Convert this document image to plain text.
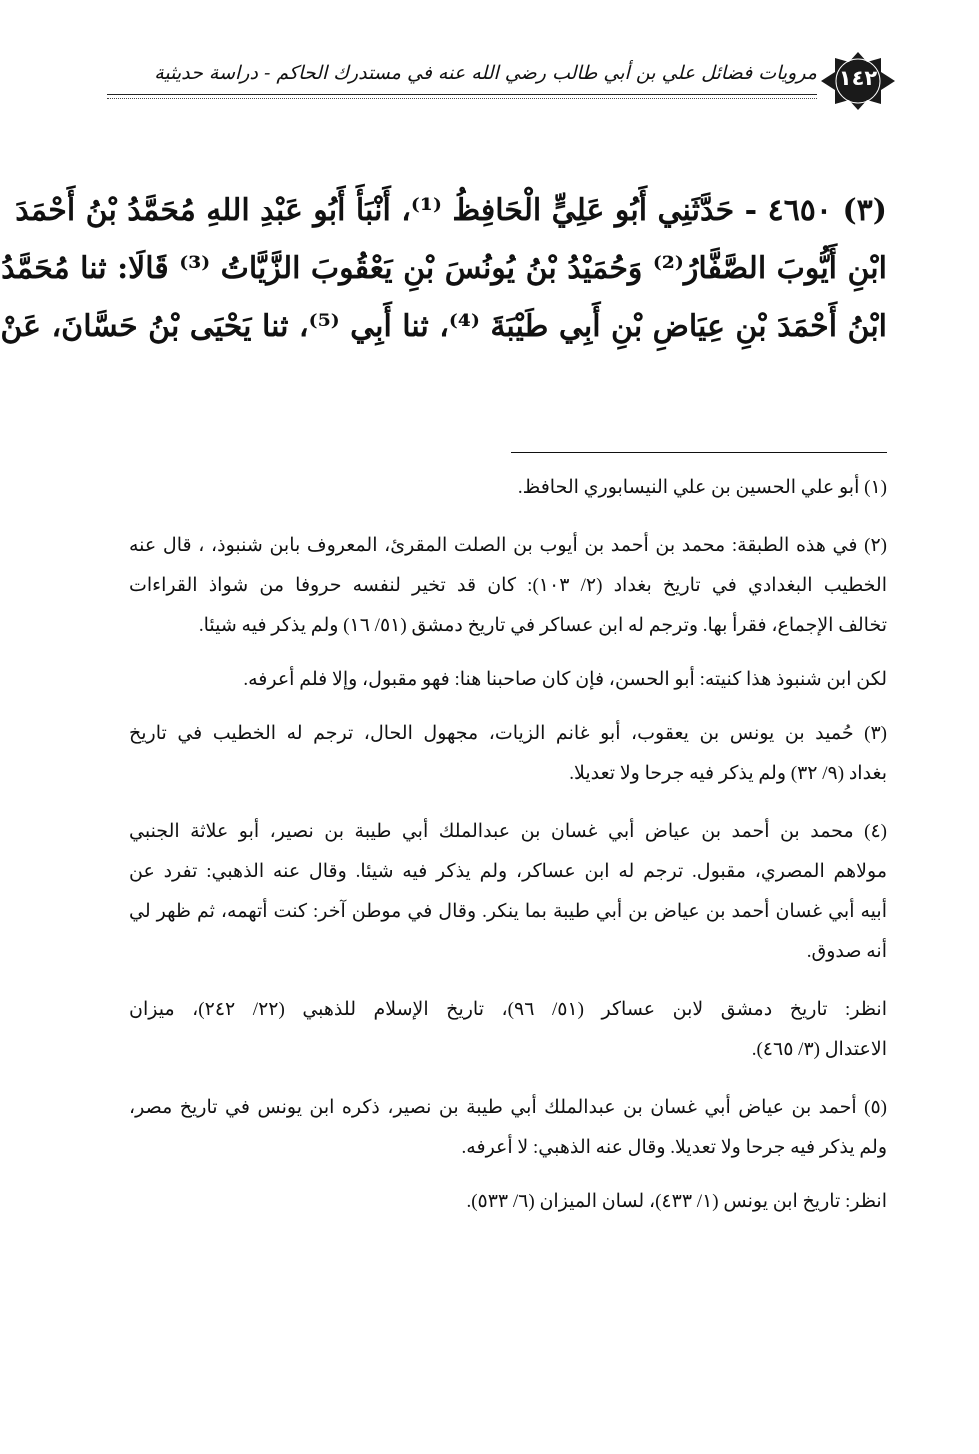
مرويات فضائل علي بن أبي طالب رضي الله عنه في مستدرك الحاكم - دراسة حديثية	١٤٢
(٣) ٤٦٥٠ - حَدَّثَنِي أَبُو عَلِيٍّ الْحَافِظُ ⁽¹⁾، أَنْبَأَ أَبُو عَبْدِ اللهِ مُحَمَّدُ بْنُ أَحْمَدَ
ابْنِ أَيُّوبَ الصَّفَّارُ⁽²⁾ وَحُمَيْدُ بْنُ يُونُسَ بْنِ يَعْقُوبَ الزَّيَّاتُ ⁽³⁾ قَالَا: ثنا مُحَمَّدُ
ابْنُ أَحْمَدَ بْنِ عِيَاضِ بْنِ أَبِي طَيْبَةَ ⁽⁴⁾، ثنا أَبِي ⁽⁵⁾، ثنا يَحْيَى بْنُ حَسَّانَ، عَنْ
(١) أبو علي الحسين بن علي النيسابوري الحافظ.
(٢) في هذه الطبقة: محمد بن أحمد بن أيوب بن الصلت المقرئ، المعروف بابن شنبوذ، ، قال عنه
الخطيب البغدادي في تاريخ بغداد (٢/ ١٠٣): كان قد تخير لنفسه حروفا من شواذ القراءات
تخالف الإجماع، فقرأ بها. وترجم له ابن عساكر في تاريخ دمشق (٥١/ ١٦) ولم يذكر فيه شيئا.
لكن ابن شنبوذ هذا كنيته: أبو الحسن، فإن كان صاحبنا هنا: فهو مقبول، وإلا فلم أعرفه.
(٣) حُميد بن يونس بن يعقوب، أبو غانم الزيات، مجهول الحال، ترجم له الخطيب في تاريخ
بغداد (٩/ ٣٢) ولم يذكر فيه جرحا ولا تعديلا.
(٤) محمد بن أحمد بن عياض أبي غسان بن عبدالملك أبي طيبة بن نصير، أبو علاثة الجنبي
مولاهم المصري، مقبول. ترجم له ابن عساكر، ولم يذكر فيه شيئا. وقال عنه الذهبي: تفرد عن
أبيه أبي غسان أحمد بن عياض بن أبي طيبة بما ينكر. وقال في موطن آخر: كنت أتهمه، ثم ظهر لي
أنه صدوق.
انظر: تاريخ دمشق لابن عساكر (٥١/ ٩٦)، تاريخ الإسلام للذهبي (٢٢/ ٢٤٢)، ميزان
الاعتدال (٣/ ٤٦٥).
(٥) أحمد بن عياض أبي غسان بن عبدالملك أبي طيبة بن نصير، ذكره ابن يونس في تاريخ مصر،
ولم يذكر فيه جرحا ولا تعديلا. وقال عنه الذهبي: لا أعرفه.
انظر: تاريخ ابن يونس (١/ ٤٣٣)، لسان الميزان (٦/ ٥٣٣).
